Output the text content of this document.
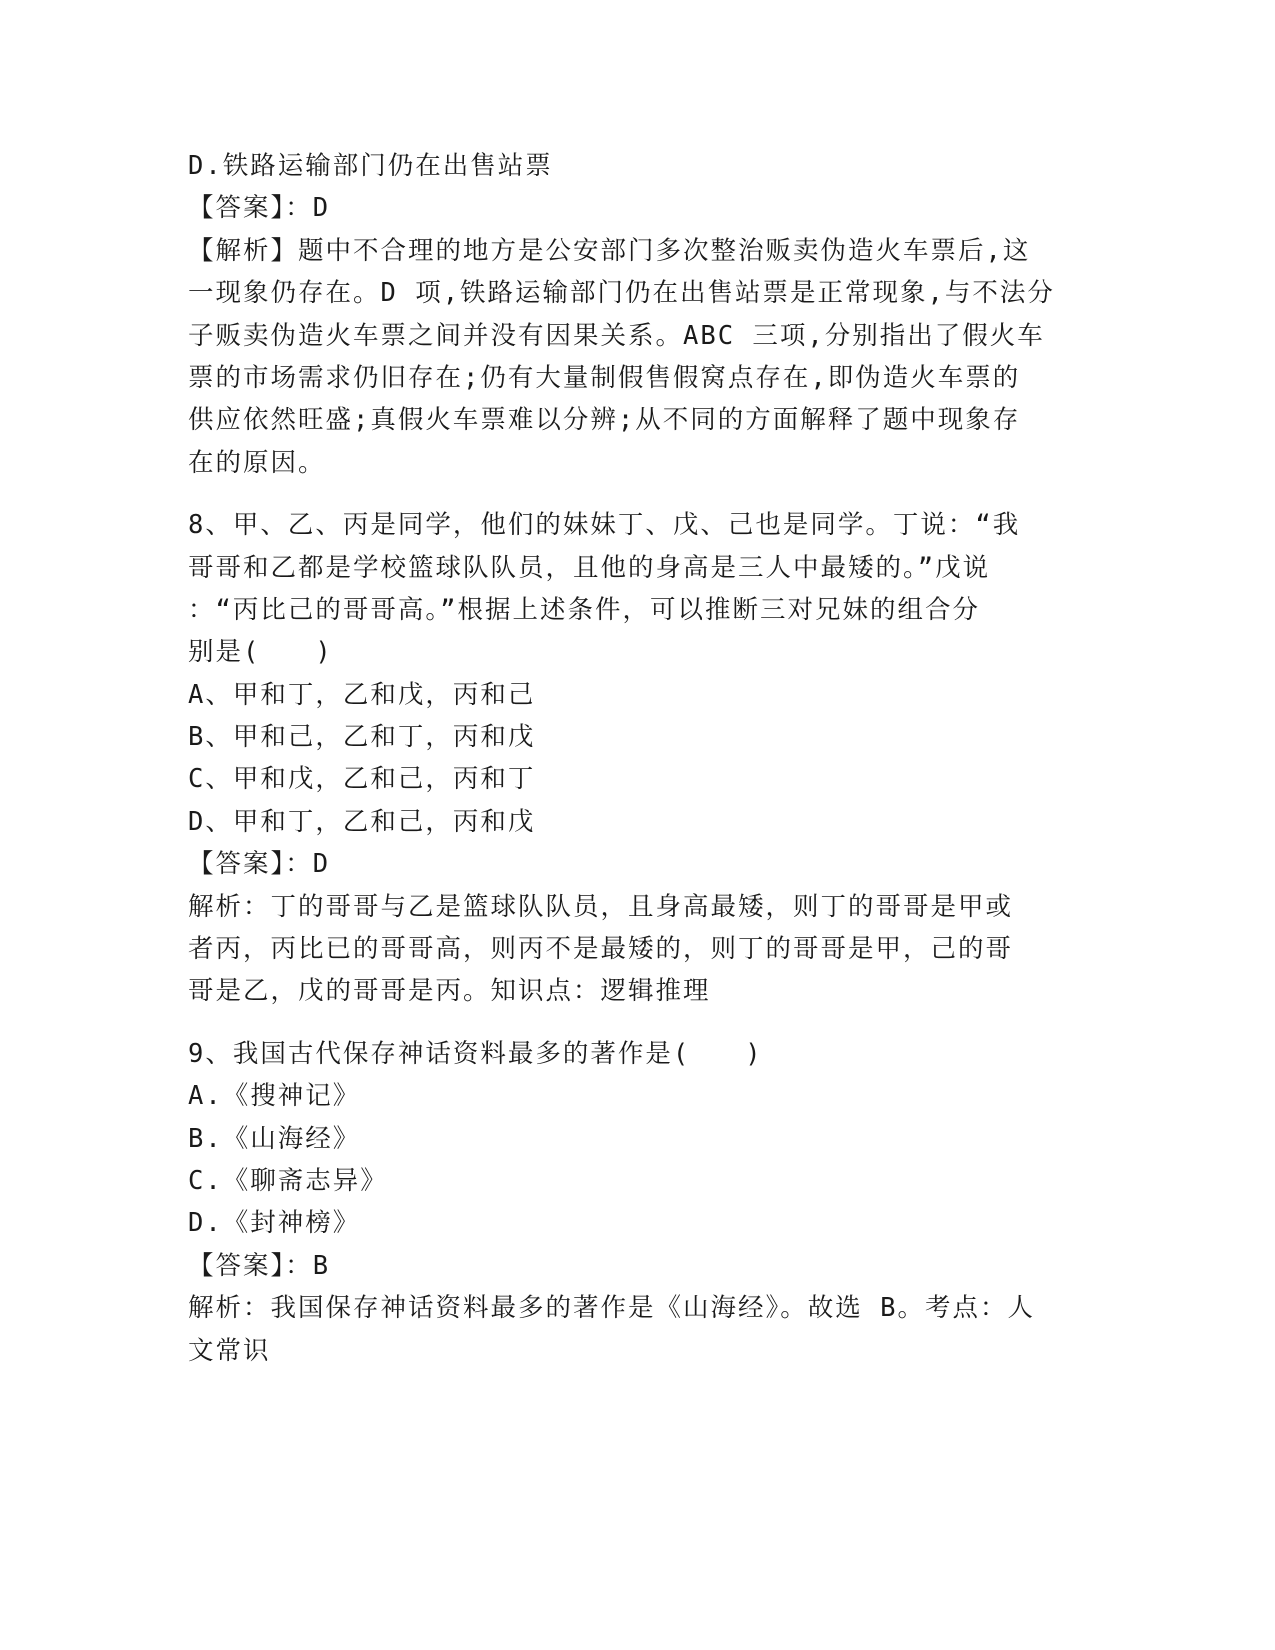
D.铁路运输部门仍在出售站票
【答案】：D
【解析】题中不合理的地方是公安部门多次整治贩卖伪造火车票后,这
一现象仍存在。D 项,铁路运输部门仍在出售站票是正常现象,与不法分
子贩卖伪造火车票之间并没有因果关系。ABC 三项,分别指出了假火车
票的市场需求仍旧存在;仍有大量制假售假窝点存在,即伪造火车票的
供应依然旺盛;真假火车票难以分辨;从不同的方面解释了题中现象存
在的原因。
8、甲、乙、丙是同学，他们的妹妹丁、戊、己也是同学。丁说：“我
哥哥和乙都是学校篮球队队员，且他的身高是三人中最矮的。”戊说
：“丙比己的哥哥高。”根据上述条件，可以推断三对兄妹的组合分
别是(　　)
A、甲和丁，乙和戊，丙和己
B、甲和己，乙和丁，丙和戊
C、甲和戊，乙和己，丙和丁
D、甲和丁，乙和己，丙和戊
【答案】：D
解析：丁的哥哥与乙是篮球队队员，且身高最矮，则丁的哥哥是甲或
者丙，丙比已的哥哥高，则丙不是最矮的，则丁的哥哥是甲，己的哥
哥是乙，戊的哥哥是丙。知识点：逻辑推理
9、我国古代保存神话资料最多的著作是(　　)
A.《搜神记》
B.《山海经》
C.《聊斋志异》
D.《封神榜》
【答案】：B
解析：我国保存神话资料最多的著作是《山海经》。故选 B。考点：人
文常识
